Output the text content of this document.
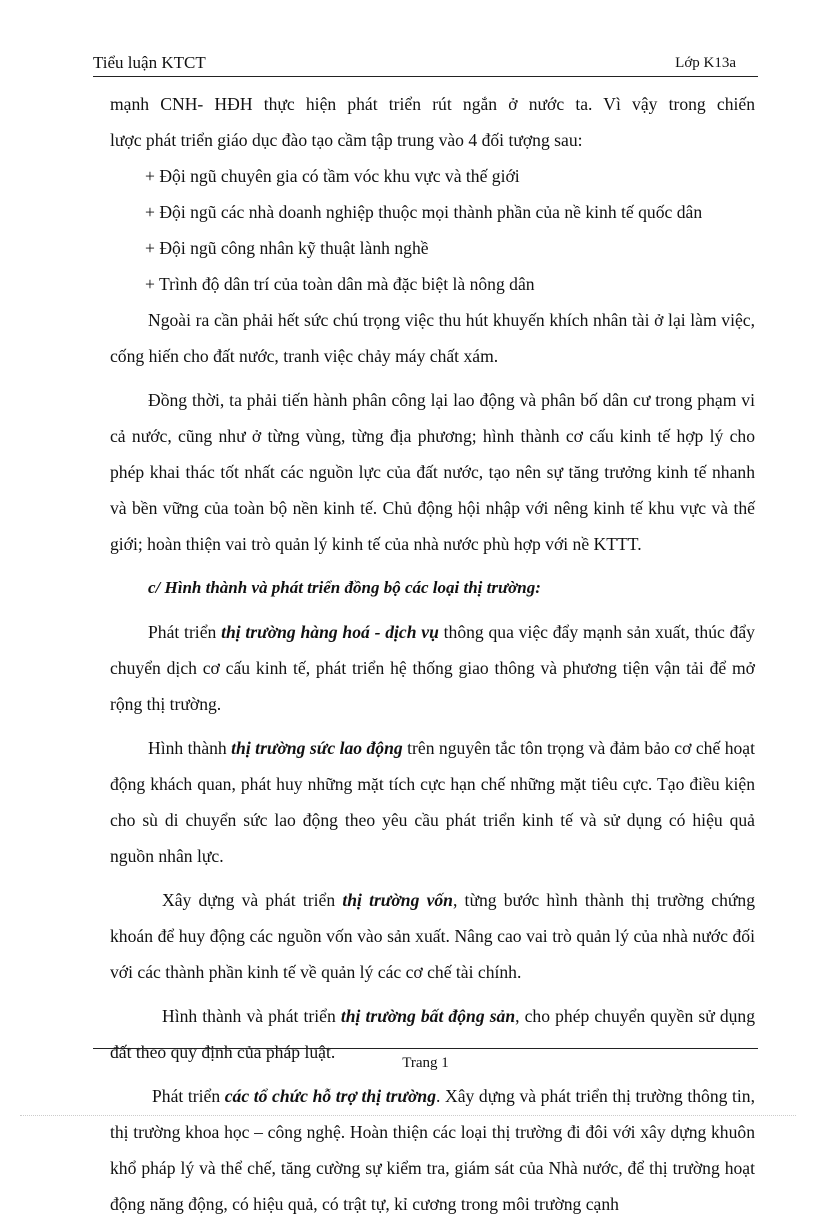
Tiểu luận KTCT	Lớp K13a

mạnh CNH- HĐH thực hiện phát triển rút ngắn ở nước ta. Vì vậy trong chiến

lược phát triển giáo dục đào tạo cầm tập trung vào 4 đối tượng sau:

+ Đội ngũ chuyên gia có tầm vóc khu vực và thế giới

+ Đội ngũ các nhà doanh nghiệp thuộc mọi thành phần của nề kinh tế quốc dân

+ Đội ngũ công nhân kỹ thuật lành nghề

+ Trình độ dân trí của toàn dân mà đặc biệt là nông dân

Ngoài ra cần phải hết sức chú trọng việc thu hút khuyến khích nhân tài ở lại làm việc, cống hiến cho đất nước, tranh việc chảy máy chất xám.

Đồng thời, ta phải tiến hành phân công lại lao động và phân bố dân cư trong phạm vi cả nước, cũng như ở từng vùng, từng địa phương; hình thành cơ cấu kinh tế hợp lý cho phép khai thác tốt nhất các nguồn lực của đất nước, tạo nên sự tăng trưởng kinh tế nhanh và bền vững của toàn bộ nền kinh tế. Chủ động hội nhập với nêng kinh tế khu vực và thế giới; hoàn thiện vai trò quản lý kinh tế của nhà nước phù hợp với nề KTTT.

c/ Hình thành và phát triển đồng bộ các loại thị trường:

Phát triển thị trường hàng hoá - dịch vụ thông qua việc đẩy mạnh sản xuất, thúc đẩy chuyển dịch cơ cấu kinh tế, phát triển hệ thống giao thông và phương tiện vận tải để mở rộng thị trường.

Hình thành thị trường sức lao động trên nguyên tắc tôn trọng và đảm bảo cơ chế hoạt động khách quan, phát huy những mặt tích cực hạn chế những mặt tiêu cực. Tạo điều kiện cho sù di chuyển sức lao động theo yêu cầu phát triển kinh tế và sử dụng có hiệu quả nguồn nhân lực.

Xây dựng và phát triển thị trường vốn, từng bước hình thành thị trường chứng khoán để huy động các nguồn vốn vào sản xuất. Nâng cao vai trò quản lý của nhà nước đối với các thành phần kinh tế về quản lý các cơ chế tài chính.

Hình thành và phát triển thị trường bất động sản, cho phép chuyển quyền sử dụng đất theo quy định của pháp luật.

Phát triển các tổ chức hỗ trợ thị trường. Xây dựng và phát triển thị trường thông tin, thị trường khoa học – công nghệ. Hoàn thiện các loại thị trường đi đôi với xây dựng khuôn khổ pháp lý và thể chế, tăng cường sự kiểm tra, giám sát của Nhà nước, để thị trường hoạt động năng động, có hiệu quả, có trật tự, kỉ cương trong môi trường cạnh

Trang 1
